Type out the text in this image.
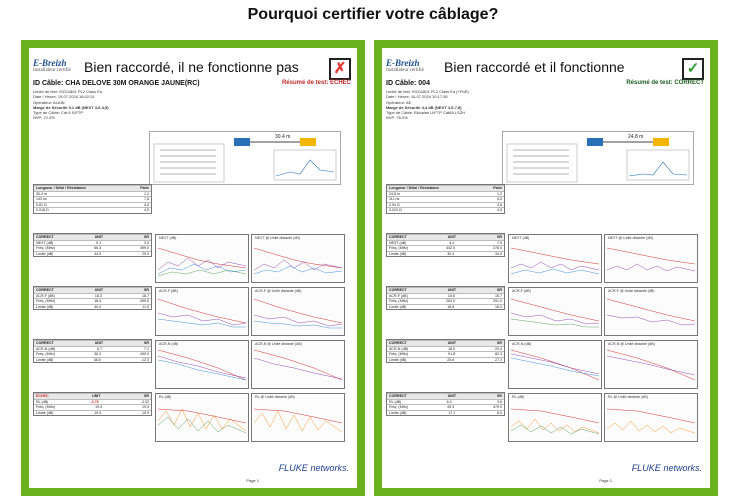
Pourquoi certifier votre câblage?
E-Breizh
Installateur certifié Bien raccordé, il ne fonctionne pas	✗
ID Câble: CHA DELOVE 30M ORANGE JAUNE(RC)	Résumé de test: ECHEC
Limite de test: ISO11801 PL2 Class Ea
Date / Heure: 15.07.2024 18:02:24
Opérateur: ALAIN
Marge de Sécurité 0.1 dB (NEXT 3,6-4,5)
Type de Câble: Cat 6 S/FTP
NVP: 72.0%
30.4 m
Longueur / Délai / Résistance	Paire
30.4 m	1,2
143 ns	7,8
5.81 Ω	4,5
0.018 Ω	4,5
CORRECT	UNIT	SR
NEXT (dB)	0.1	3.0
Fréq. (MHz)	66.3	499.0
Limite (dB)	44.5	29.3
CORRECT	UNIT	SR
ACR-F (dB)	18.3	18.7
Fréq. (MHz)	18.4	499.0
Limite (dB)	40.0	11.5
CORRECT	UNIT	SR
ACR-N (dB)	6.7	7.1
Fréq. (MHz)	36.3	499.0
Limite (dB)	38.5	-12.3
ECHEC	UNIT	SR
RL (dB)	-3.78	-3.32
Fréq. (MHz)	19.9	19.9
Limite (dB)	19.9	19.9
NEXT (dB)	NEXT @ Unité distante (dB)
ACR-F (dB)	ACR-F @ Unité distante (dB)
ACR-N (dB)	ACR-N @ Unité distante (dB)
RL (dB)	RL @ Unité distante (dB)
FLUKE networks.
Page 1
E-Breizh
Installateur certifié Bien raccordé et il fonctionne	✓
ID Câble: 004	Résumé de test: CORRECT
Limite de test: ISO11801 PL2 Class Ea (+PoE)
Date / Heure: 16.07.2024 10:17:36
Opérateur: AE
Marge de Sécurité 4,4 dB (NEXT 4,5-7,8)
Type de Câble: Ekivalan U/FTP Cat6A LSZH
NVP: 76.0%
24.8 m
Longueur / Délai / Résistance	Paire
24.8 m	1,2
111 ns	4,5
2.94 Ω	3,6
0.020 Ω	4,5
CORRECT	UNIT	SR
NEXT (dB)	4.4	7.5
Fréq. (MHz)	442.0	278.0
Limite (dB)	30.4	34.9
CORRECT	UNIT	SR
ACR-F (dB)	15.6	15.7
Fréq. (MHz)	263.0	291.0
Limite (dB)	18.8	16.0
CORRECT	UNIT	SR
ACR-N (dB)	18.0	20.4
Fréq. (MHz)	91.8	82.3
Limite (dB)	25.6	27.2
CORRECT	UNIT	SR
RL (dB)	6.0	3.6
Fréq. (MHz)	49.3	479.0
Limite (dB)	17.1	8.0
NEXT (dB)	NEXT @ Unité distante (dB)
ACR-F (dB)	ACR-F @ Unité distante (dB)
ACR-N (dB)	ACR-N @ Unité distante (dB)
RL (dB)	RL @ Unité distante (dB)
FLUKE networks.
Page 1
